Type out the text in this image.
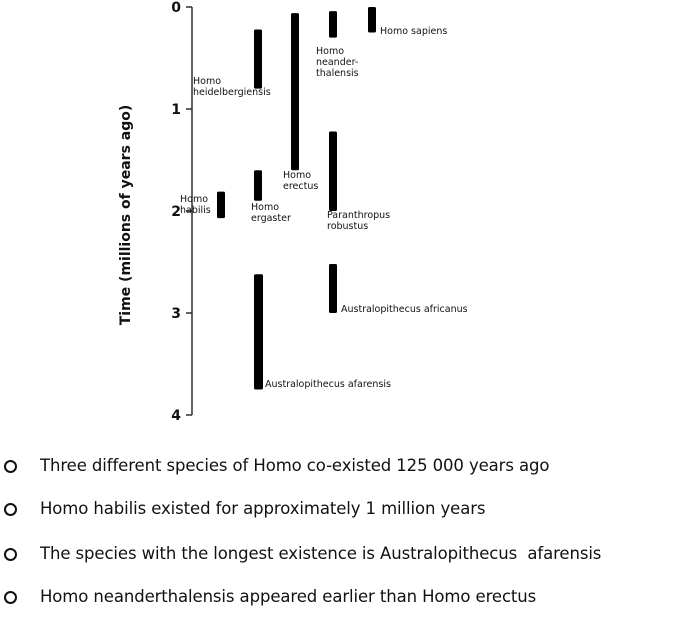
0
1
2
3
4
Time (millions of years ago)	Homo habilis	Homo ergaster
Homo heidelbergiensis
Homo erectus
Homo neander-thalensis
Homo sapiens
Paranthropus robustus
Australopithecus africanus
Australopithecus afarensis
Three different species of Homo co-existed 125 000 years ago
Homo habilis existed for approximately 1 million years
The species with the longest existence is Australopithecus  afarensis
Homo neanderthalensis appeared earlier than Homo erectus
